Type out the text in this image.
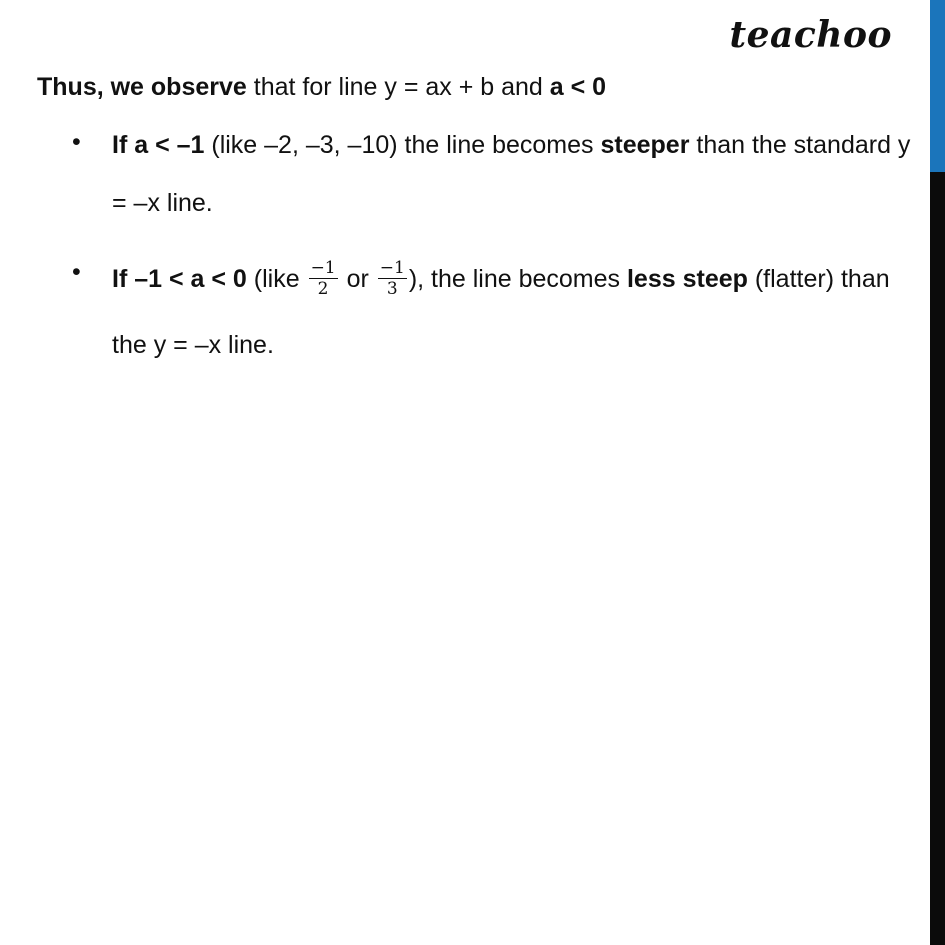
teachoo
Thus, we observe that for line y = ax + b and a < 0
• If a < –1 (like –2, –3, –10) the line becomes steeper than the standard y = –x line.
• If –1 < a < 0 (like $\frac{-1}{2}$ or $\frac{-1}{3}$ ), the line becomes less steep (flatter) than the y = –x line.
